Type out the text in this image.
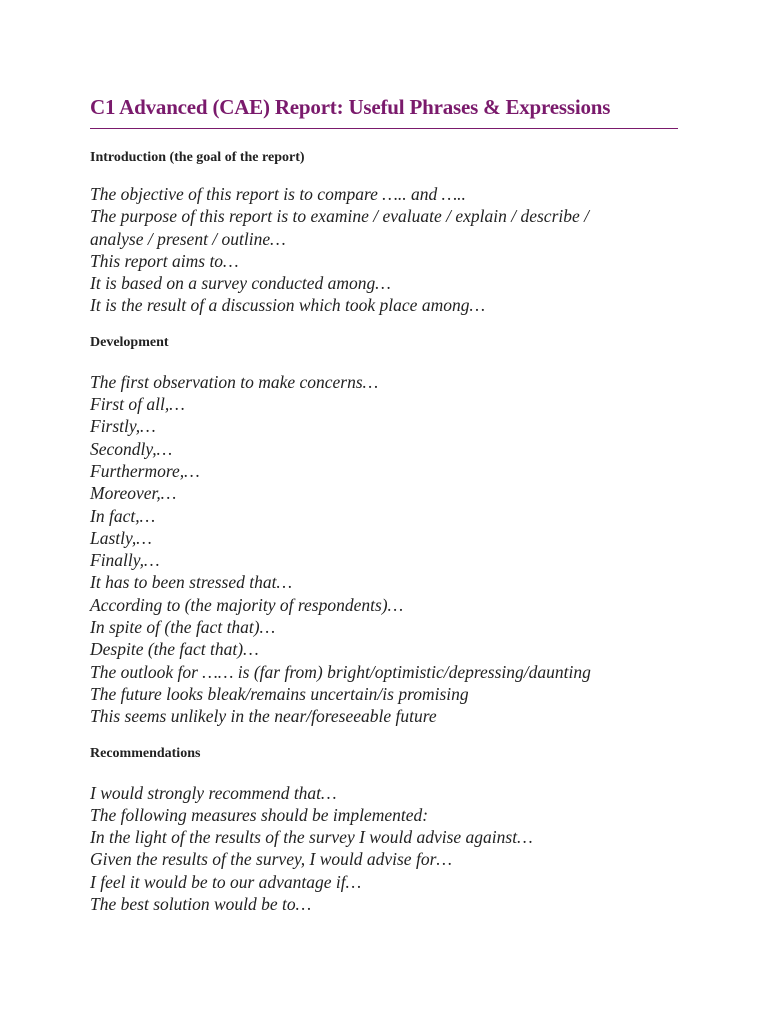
C1 Advanced (CAE) Report: Useful Phrases & Expressions
Introduction (the goal of the report)
The objective of this report is to compare ….. and …..
The purpose of this report is to examine / evaluate / explain / describe /
analyse / present / outline…
This report aims to…
It is based on a survey conducted among…
It is the result of a discussion which took place among…
Development
The first observation to make concerns…
First of all,…
Firstly,…
Secondly,…
Furthermore,…
Moreover,…
In fact,…
Lastly,…
Finally,…
It has to been stressed that…
According to (the majority of respondents)…
In spite of (the fact that)…
Despite (the fact that)…
The outlook for …… is (far from) bright/optimistic/depressing/daunting
The future looks bleak/remains uncertain/is promising
This seems unlikely in the near/foreseeable future
Recommendations
I would strongly recommend that…
The following measures should be implemented:
In the light of the results of the survey I would advise against…
Given the results of the survey, I would advise for…
I feel it would be to our advantage if…
The best solution would be to…
